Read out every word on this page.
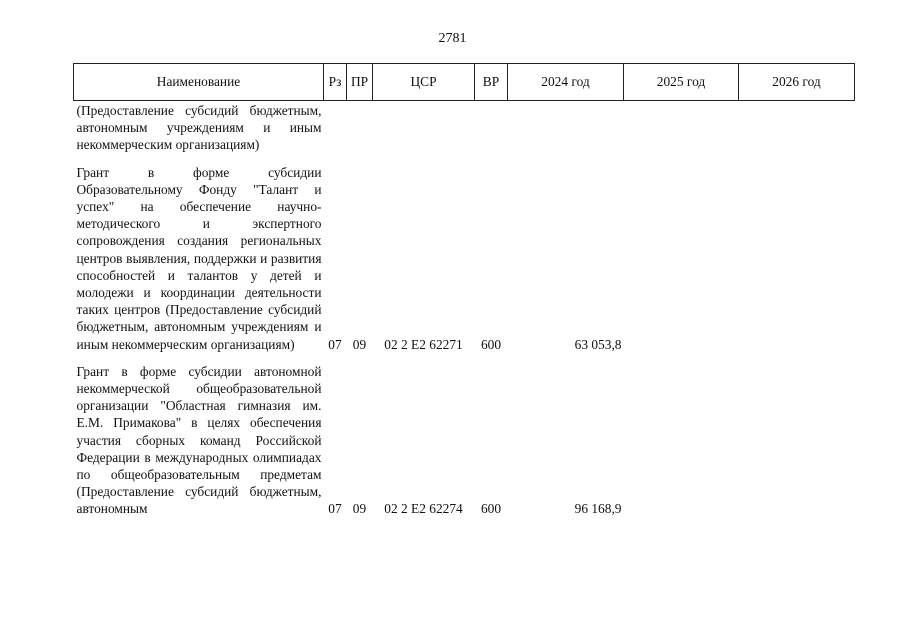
2781
Наименование	Рз	ПР	ЦСР	ВР	2024 год	2025 год	2026 год
(Предоставление субсидий бюджетным, автономным учреждениям и иным некоммерческим организациям)							
Грант в форме субсидии Образовательному Фонду "Талант и успех" на обеспечение научно-методического и экспертного сопровождения создания региональных центров выявления, поддержки и развития способностей и талантов у детей и молодежи и координации деятельности таких центров (Предоставление субсидий бюджетным, автономным учреждениям и иным некоммерческим организациям)	07	09	02 2 E2 62271	600	63 053,8		
Грант в форме субсидии автономной некоммерческой общеобразовательной организации "Областная гимназия им. Е.М. Примакова" в целях обеспечения участия сборных команд Российской Федерации в международных олимпиадах по общеобразовательным предметам (Предоставление субсидий бюджетным, автономным	07	09	02 2 E2 62274	600	96 168,9		
